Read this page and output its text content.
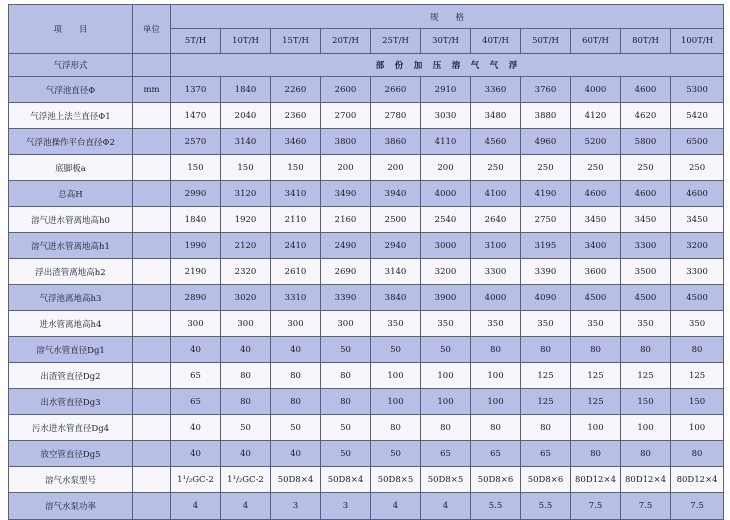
项　　目	单位	规　　格										
		5T/H	10T/H	15T/H	20T/H	25T/H	30T/H	40T/H	50T/H	60T/H	80T/H	100T/H
气浮形式		部　份　加　压　溶　气　气　浮										
气浮池直径Φ	mm	1370	1840	2260	2600	2660	2910	3360	3760	4000	4600	5300
气浮池上法兰直径Φ1		1470	2040	2360	2700	2780	3030	3480	3880	4120	4620	5420
气浮池操作平台直径Φ2		2570	3140	3460	3800	3860	4110	4560	4960	5200	5800	6500
底脚板a		150	150	150	200	200	200	250	250	250	250	250
总高H		2990	3120	3410	3490	3940	4000	4100	4190	4600	4600	4600
溶气进水管离地高h0		1840	1920	2110	2160	2500	2540	2640	2750	3450	3450	3450
溶气进水管离地高h1		1990	2120	2410	2490	2940	3000	3100	3195	3400	3300	3200
浮出渣管离地高h2		2190	2320	2610	2690	3140	3200	3300	3390	3600	3500	3300
气浮池离地高h3		2890	3020	3310	3390	3840	3900	4000	4090	4500	4500	4500
进水管离地高h4		300	300	300	300	350	350	350	350	350	350	350
溶气水管直径Dg1		40	40	40	50	50	50	80	80	80	80	80
出渣管直径Dg2		65	80	80	80	100	100	100	125	125	125	125
出水管直径Dg3		65	80	80	80	100	100	100	125	125	150	150
污水进水管直径Dg4		40	50	50	50	80	80	80	80	100	100	100
放空管直径Dg5		40	40	40	50	50	65	65	65	80	80	80
溶气水泵型号		1¹/₂GC-2	1¹/₂GC-2	50D8×4	50D8×4	50D8×5	50D8×5	50D8×6	50D8×6	80D12×4	80D12×4	80D12×4
溶气水泵功率		4	4	3	3	4	4	5.5	5.5	7.5	7.5	7.5
